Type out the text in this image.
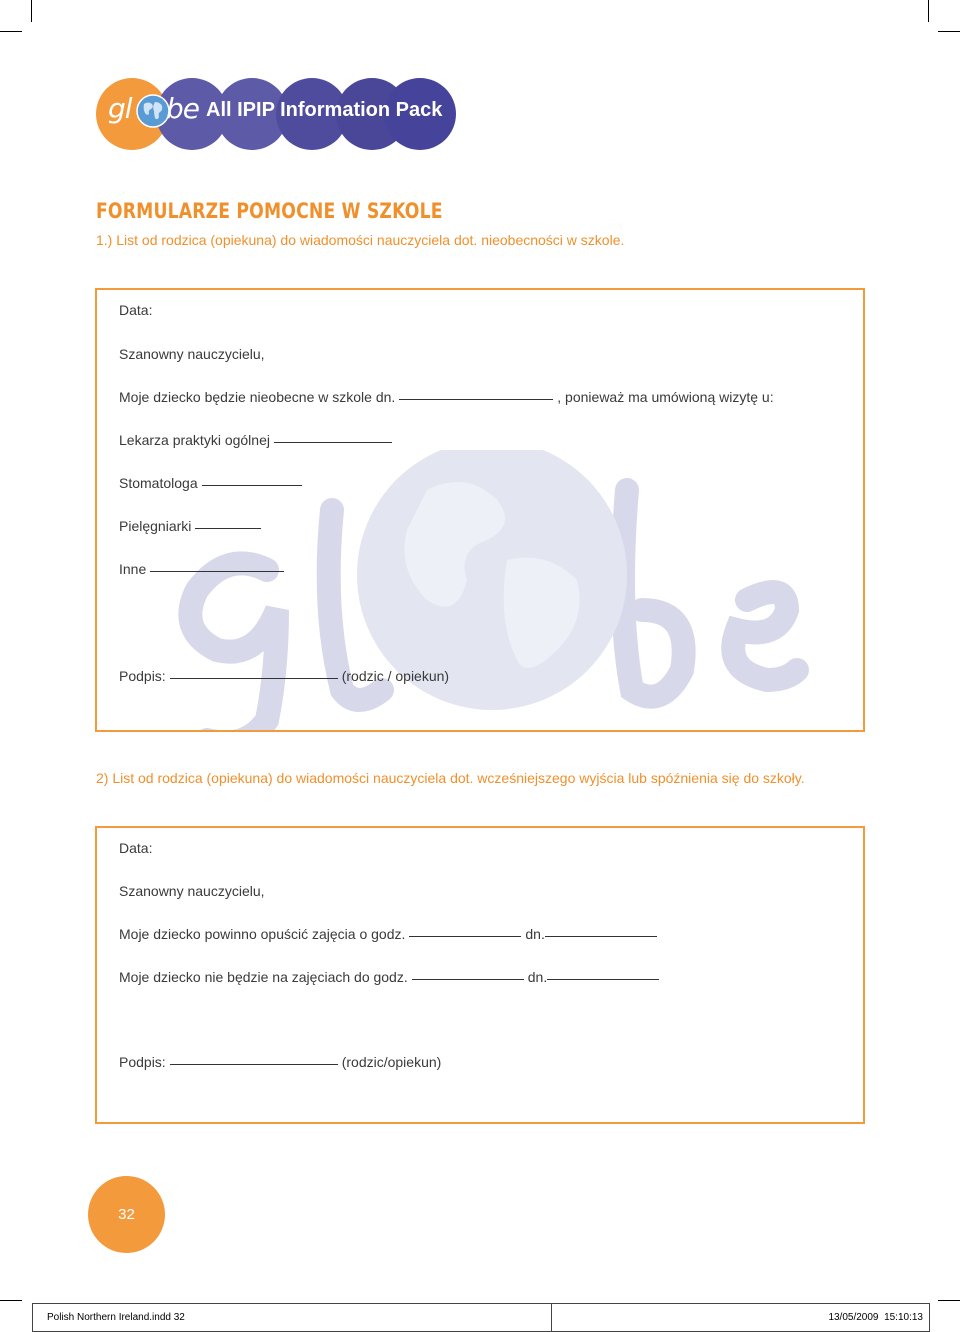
gl be All IPIP Information Pack
FORMULARZE POMOCNE W SZKOLE
1.) List od rodzica (opiekuna) do wiadomości nauczyciela dot. nieobecności w szkole.
Data:
Szanowny nauczycielu,
Moje dziecko będzie nieobecne w szkole dn.	, ponieważ ma umówioną wizytę u:
Lekarza praktyki ogólnej
Stomatologa
Pielęgniarki
Inne
Podpis:	(rodzic / opiekun)
2) List od rodzica (opiekuna) do wiadomości nauczyciela dot. wcześniejszego wyjścia lub spóźnienia się do szkoły.
Data:
Szanowny nauczycielu,
Moje dziecko powinno opuścić zajęcia o godz.	dn.
Moje dziecko nie będzie na zajęciach do godz.	dn.
Podpis:	(rodzic/opiekun)
32
Polish Northern Ireland.indd 32	13/05/2009
15:10:13
